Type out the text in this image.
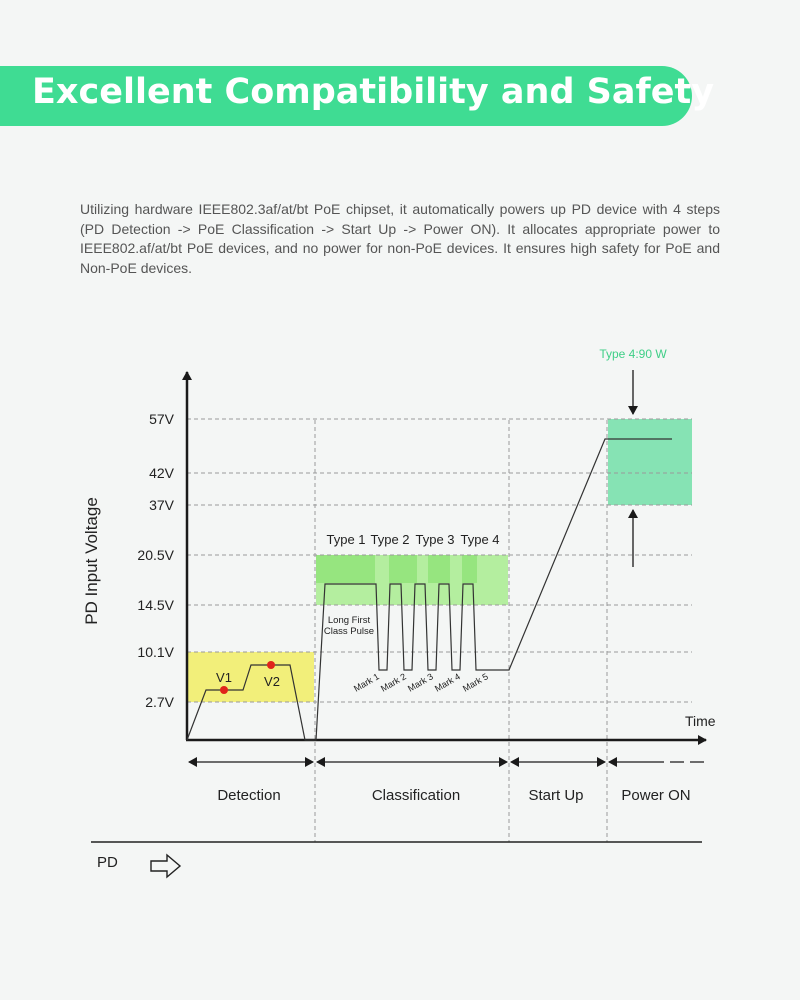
Excellent Compatibility and Safety
Utilizing hardware IEEE802.3af/at/bt PoE chipset, it automatically powers up PD device with 4 steps (PD Detection -> PoE Classification -> Start Up -> Power ON). It allocates appropriate power to IEEE802.af/at/bt PoE devices, and no power for non-PoE devices. It ensures high safety for PoE and Non-PoE devices.
V1 V2
57V
42V
37V
20.5V
14.5V
10.1V
2.7V
PD Input Voltage
Time
Type 1 Type 2 Type 3 Type 4
Long First
Class Pulse
Mark 1
Mark 2
Mark 3
Mark 4 Mark 5
Type 4:90 W
Detection	Classification	Start Up	Power ON
PD
